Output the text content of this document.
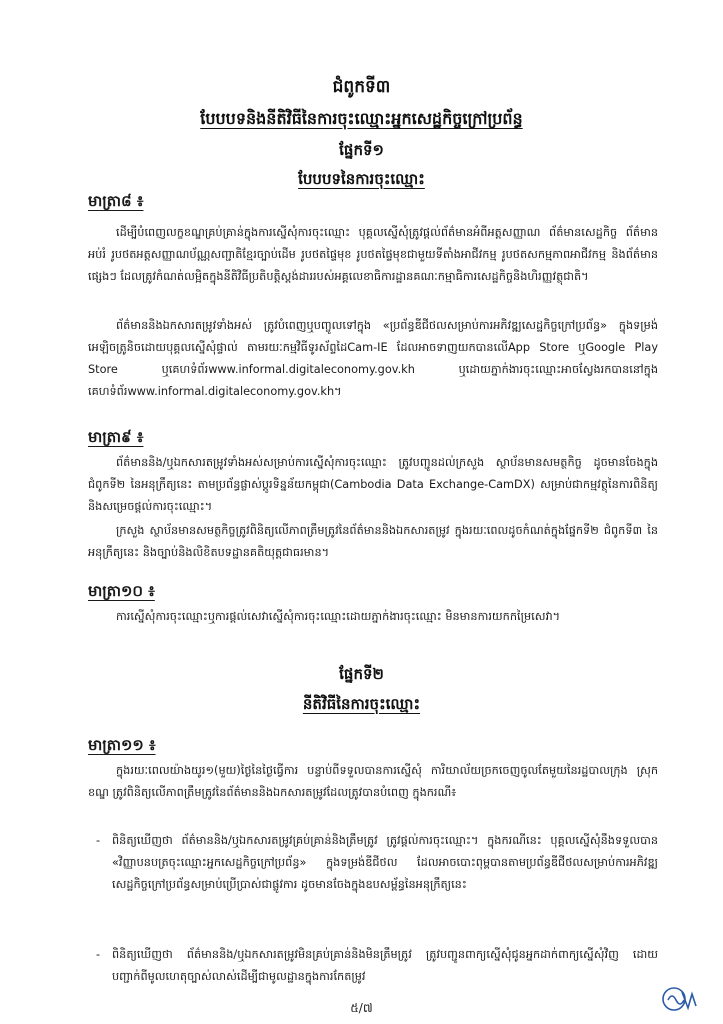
ជំពូកទី៣
បែបបទនិងនីតិវិធីនៃការចុះឈ្មោះអ្នកសេដ្ឋកិច្ចក្រៅប្រព័ន្ធ
ផ្នែកទី១
បែបបទនៃការចុះឈ្មោះ
មាត្រា៨ ៖

ដើម្បីបំពេញលក្ខខណ្ឌគ្រប់គ្រាន់ក្នុងការស្នើសុំការចុះឈ្មោះ បុគ្គលស្នើសុំត្រូវផ្តល់ព័ត៌មានអំពីអត្តសញ្ញាណ ព័ត៌មានសេដ្ឋកិច្ច ព័ត៌មានអប់រំ រូបថតអត្តសញ្ញាណប័ណ្ណសញ្ជាតិខ្មែរច្បាប់ដើម រូបថតផ្ទៃមុខ រូបថតផ្ទៃមុខជាមួយទីតាំងអាជីវកម្ម រូបថតសកម្មភាពអាជីវកម្ម និងព័ត៌មានផ្សេងៗ ដែលត្រូវកំណត់លម្អិតក្នុងនីតិវិធីប្រតិបត្តិស្តង់ដាររបស់អគ្គលេខាធិការដ្ឋានគណៈកម្មាធិការសេដ្ឋកិច្ចនិងហិរញ្ញវត្ថុជាតិ។

ព័ត៌មាននិងឯកសារតម្រូវទាំងអស់ ត្រូវបំពេញឬបញ្ចូលទៅក្នុង «ប្រព័ន្ធឌីជីថលសម្រាប់ការអភិវឌ្ឍសេដ្ឋកិច្ចក្រៅប្រព័ន្ធ» ក្នុងទម្រង់អេឡិចត្រូនិចដោយបុគ្គលស្នើសុំផ្ទាល់ តាមរយៈកម្មវិធីទូរស័ព្ទដៃCam-IE ដែលអាចទាញយកបានលើApp Store ឬGoogle Play Store ឬគេហទំព័រwww.informal.digitaleconomy.gov.kh ឬដោយភ្នាក់ងារចុះឈ្មោះអាចស្វែងរកបាននៅក្នុងគេហទំព័រwww.informal.digitaleconomy.gov.kh។

មាត្រា៩ ៖

ព័ត៌មាននិង/ឬឯកសារតម្រូវទាំងអស់សម្រាប់ការស្នើសុំការចុះឈ្មោះ ត្រូវបញ្ជូនដល់ក្រសួង ស្ថាប័នមានសមត្ថកិច្ច ដូចមានចែងក្នុងជំពូកទី២ នៃអនុក្រឹត្យនេះ តាមប្រព័ន្ធផ្លាស់ប្តូរទិន្នន័យកម្ពុជា(Cambodia Data Exchange-CamDX) សម្រាប់ជាកម្មវត្ថុនៃការពិនិត្យនិងសម្រេចផ្តល់ការចុះឈ្មោះ។

ក្រសួង ស្ថាប័នមានសមត្ថកិច្ចត្រូវពិនិត្យលើភាពត្រឹមត្រូវនៃព័ត៌មាននិងឯកសារតម្រូវ ក្នុងរយៈពេលដូចកំណត់ក្នុងផ្នែកទី២ ជំពូកទី៣ នៃអនុក្រឹត្យនេះ និងច្បាប់និងលិខិតបទដ្ឋានគតិយុត្តជាធរមាន។

មាត្រា១០ ៖

ការស្នើសុំការចុះឈ្មោះឬការផ្តល់សេវាស្នើសុំការចុះឈ្មោះដោយភ្នាក់ងារចុះឈ្មោះ មិនមានការយកកម្រៃសេវា។

ផ្នែកទី២
នីតិវិធីនៃការចុះឈ្មោះ
មាត្រា១១ ៖

ក្នុងរយៈពេលយ៉ាងយូរ១(មួយ)ថ្ងៃនៃថ្ងៃធ្វើការ បន្ទាប់ពីទទួលបានការស្នើសុំ ការិយាល័យច្រកចេញចូលតែមួយនៃរដ្ឋបាលក្រុង ស្រុក ខណ្ឌ ត្រូវពិនិត្យលើភាពត្រឹមត្រូវនៃព័ត៌មាននិងឯកសារតម្រូវដែលត្រូវបានបំពេញ ក្នុងករណី៖

- ពិនិត្យឃើញថា ព័ត៌មាននិង/ឬឯកសារតម្រូវគ្រប់គ្រាន់និងត្រឹមត្រូវ ត្រូវផ្តល់ការចុះឈ្មោះ។ ក្នុងករណីនេះ បុគ្គលស្នើសុំនឹងទទួលបាន «វិញ្ញាបនបត្រចុះឈ្មោះអ្នកសេដ្ឋកិច្ចក្រៅប្រព័ន្ធ» ក្នុងទម្រង់ឌីជីថល ដែលអាចបោះពុម្ពបានតាមប្រព័ន្ធឌីជីថលសម្រាប់ការអភិវឌ្ឍសេដ្ឋកិច្ចក្រៅប្រព័ន្ធសម្រាប់ប្រើប្រាស់ជាផ្លូវការ ដូចមានចែងក្នុងឧបសម្ព័ន្ធនៃអនុក្រឹត្យនេះ
- ពិនិត្យឃើញថា ព័ត៌មាននិង/ឬឯកសារតម្រូវមិនគ្រប់គ្រាន់និងមិនត្រឹមត្រូវ ត្រូវបញ្ជូនពាក្យស្នើសុំជូនអ្នកដាក់ពាក្យស្នើសុំវិញ ដោយបញ្ជាក់ពីមូលហេតុច្បាស់លាស់ដើម្បីជាមូលដ្ឋានក្នុងការកែតម្រូវ
៥/៧
